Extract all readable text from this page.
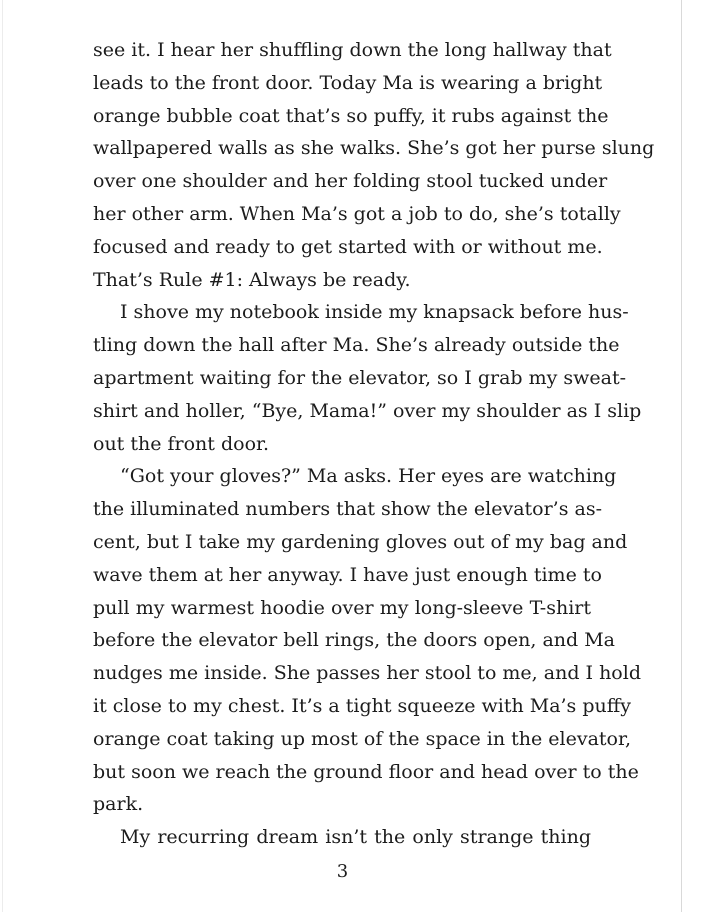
see it. I hear her shuffling down the long hallway that
leads to the front door. Today Ma is wearing a bright
orange bubble coat that’s so puffy, it rubs against the
wallpapered walls as she walks. She’s got her purse slung
over one shoulder and her folding stool tucked under
her other arm. When Ma’s got a job to do, she’s totally
focused and ready to get started with or without me.
That’s Rule #1: Always be ready.
I shove my notebook inside my knapsack before hus-
tling down the hall after Ma. She’s already outside the
apartment waiting for the elevator, so I grab my sweat-
shirt and holler, “Bye, Mama!” over my shoulder as I slip
out the front door.
“Got your gloves?” Ma asks. Her eyes are watching
the illuminated numbers that show the elevator’s as-
cent, but I take my gardening gloves out of my bag and
wave them at her anyway. I have just enough time to
pull my warmest hoodie over my long-sleeve T-shirt
before the elevator bell rings, the doors open, and Ma
nudges me inside. She passes her stool to me, and I hold
it close to my chest. It’s a tight squeeze with Ma’s puffy
orange coat taking up most of the space in the elevator,
but soon we reach the ground floor and head over to the
park.
My recurring dream isn’t the only strange thing
3
